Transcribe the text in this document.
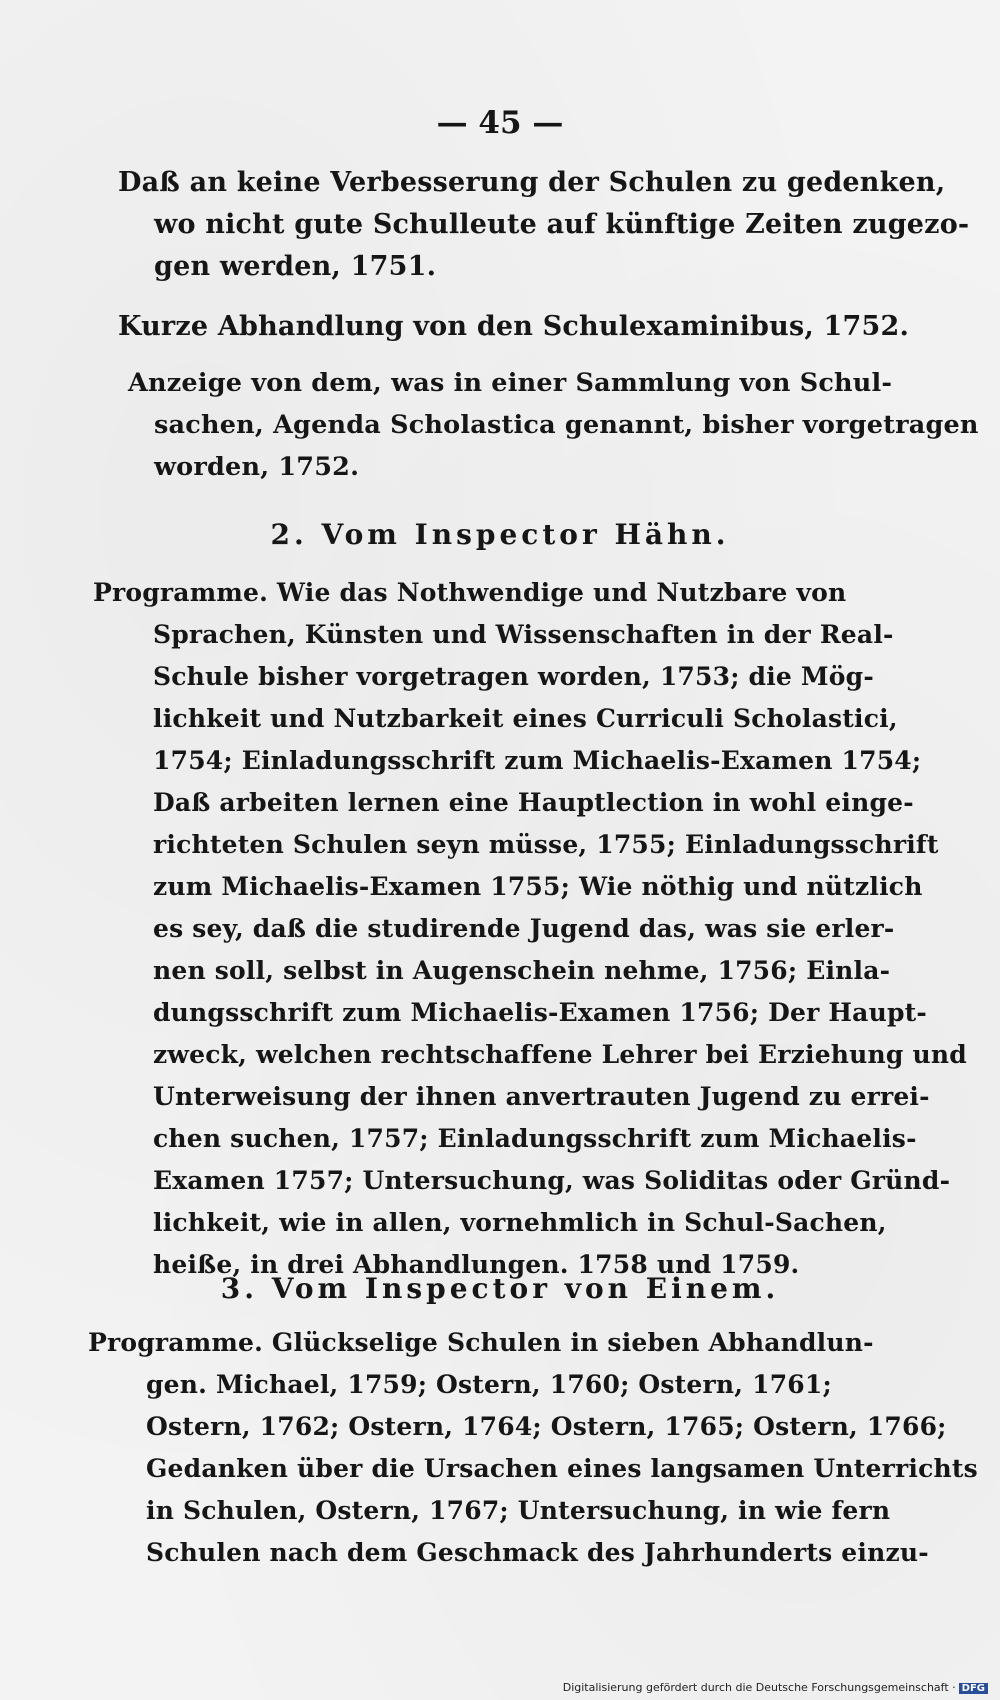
— 45 —
Daß an keine Verbesserung der Schulen zu gedenken,
wo nicht gute Schulleute auf künftige Zeiten zugezo-
gen werden, 1751.
Kurze Abhandlung von den Schulexaminibus, 1752.
Anzeige von dem, was in einer Sammlung von Schul-
sachen, Agenda Scholastica genannt, bisher vorgetragen
worden, 1752.
2. Vom Inspector Hähn.
Programme. Wie das Nothwendige und Nutzbare von
Sprachen, Künsten und Wissenschaften in der Real-
Schule bisher vorgetragen worden, 1753; die Mög-
lichkeit und Nutzbarkeit eines Curriculi Scholastici,
1754; Einladungsschrift zum Michaelis-Examen 1754;
Daß arbeiten lernen eine Hauptlection in wohl einge-
richteten Schulen seyn müsse, 1755; Einladungsschrift
zum Michaelis-Examen 1755; Wie nöthig und nützlich
es sey, daß die studirende Jugend das, was sie erler-
nen soll, selbst in Augenschein nehme, 1756; Einla-
dungsschrift zum Michaelis-Examen 1756; Der Haupt-
zweck, welchen rechtschaffene Lehrer bei Erziehung und
Unterweisung der ihnen anvertrauten Jugend zu errei-
chen suchen, 1757; Einladungsschrift zum Michaelis-
Examen 1757; Untersuchung, was Soliditas oder Gründ-
lichkeit, wie in allen, vornehmlich in Schul-Sachen,
heiße, in drei Abhandlungen. 1758 und 1759.
3. Vom Inspector von Einem.
Programme. Glückselige Schulen in sieben Abhandlun-
gen. Michael, 1759; Ostern, 1760; Ostern, 1761;
Ostern, 1762; Ostern, 1764; Ostern, 1765; Ostern, 1766;
Gedanken über die Ursachen eines langsamen Unterrichts
in Schulen, Ostern, 1767; Untersuchung, in wie fern
Schulen nach dem Geschmack des Jahrhunderts einzu-
Digitalisierung gefördert durch die Deutsche Forschungsgemeinschaft · DFG
